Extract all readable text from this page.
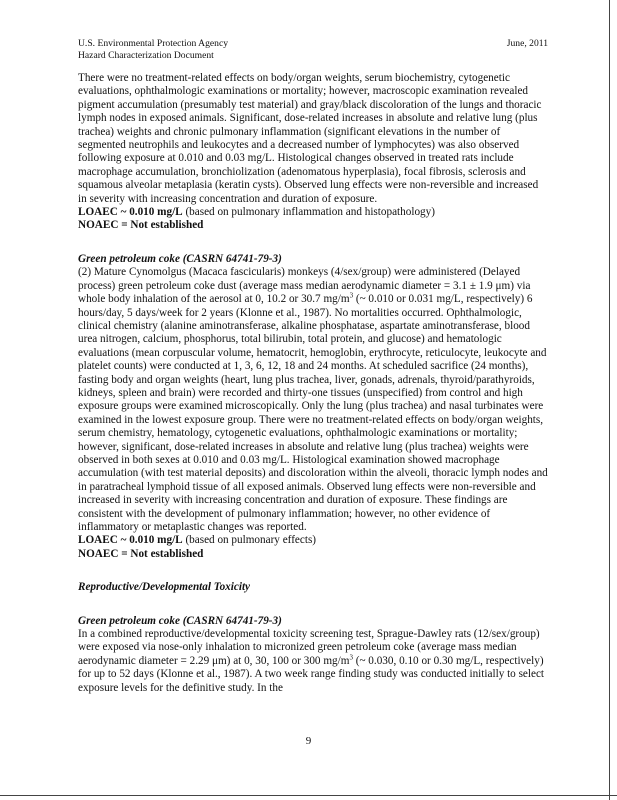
U.S. Environmental Protection Agency
Hazard Characterization Document
June, 2011

There were no treatment-related effects on body/organ weights, serum biochemistry, cytogenetic evaluations, ophthalmologic examinations or mortality; however, macroscopic examination revealed pigment accumulation (presumably test material) and gray/black discoloration of the lungs and thoracic lymph nodes in exposed animals. Significant, dose-related increases in absolute and relative lung (plus trachea) weights and chronic pulmonary inflammation (significant elevations in the number of segmented neutrophils and leukocytes and a decreased number of lymphocytes) was also observed following exposure at 0.010 and 0.03 mg/L. Histological changes observed in treated rats include macrophage accumulation, bronchiolization (adenomatous hyperplasia), focal fibrosis, sclerosis and squamous alveolar metaplasia (keratin cysts). Observed lung effects were non-reversible and increased in severity with increasing concentration and duration of exposure.

LOAEC ~ 0.010 mg/L (based on pulmonary inflammation and histopathology)

NOAEC = Not established

Green petroleum coke (CASRN 64741-79-3)

(2) Mature Cynomolgus (Macaca fascicularis) monkeys (4/sex/group) were administered (Delayed process) green petroleum coke dust (average mass median aerodynamic diameter = 3.1 ± 1.9 μm) via whole body inhalation of the aerosol at 0, 10.2 or 30.7 $mg/m^3$ (~ 0.010 or 0.031 mg/L, respectively) 6 hours/day, 5 days/week for 2 years (Klonne et al., 1987). No mortalities occurred. Ophthalmologic, clinical chemistry (alanine aminotransferase, alkaline phosphatase, aspartate aminotransferase, blood urea nitrogen, calcium, phosphorus, total bilirubin, total protein, and glucose) and hematologic evaluations (mean corpuscular volume, hematocrit, hemoglobin, erythrocyte, reticulocyte, leukocyte and platelet counts) were conducted at 1, 3, 6, 12, 18 and 24 months. At scheduled sacrifice (24 months), fasting body and organ weights (heart, lung plus trachea, liver, gonads, adrenals, thyroid/parathyroids, kidneys, spleen and brain) were recorded and thirty-one tissues (unspecified) from control and high exposure groups were examined microscopically. Only the lung (plus trachea) and nasal turbinates were examined in the lowest exposure group. There were no treatment-related effects on body/organ weights, serum chemistry, hematology, cytogenetic evaluations, ophthalmologic examinations or mortality; however, significant, dose-related increases in absolute and relative lung (plus trachea) weights were observed in both sexes at 0.010 and 0.03 mg/L. Histological examination showed macrophage accumulation (with test material deposits) and discoloration within the alveoli, thoracic lymph nodes and in paratracheal lymphoid tissue of all exposed animals. Observed lung effects were non-reversible and increased in severity with increasing concentration and duration of exposure. These findings are consistent with the development of pulmonary inflammation; however, no other evidence of inflammatory or metaplastic changes was reported.

LOAEC ~ 0.010 mg/L (based on pulmonary effects)

NOAEC = Not established

Reproductive/Developmental Toxicity

Green petroleum coke (CASRN 64741-79-3)

In a combined reproductive/developmental toxicity screening test, Sprague-Dawley rats (12/sex/group) were exposed via nose-only inhalation to micronized green petroleum coke (average mass median aerodynamic diameter = 2.29 μm) at 0, 30, 100 or 300 $mg/m^3$ (~ 0.030, 0.10 or 0.30 mg/L, respectively) for up to 52 days (Klonne et al., 1987). A two week range finding study was conducted initially to select exposure levels for the definitive study. In the

9
